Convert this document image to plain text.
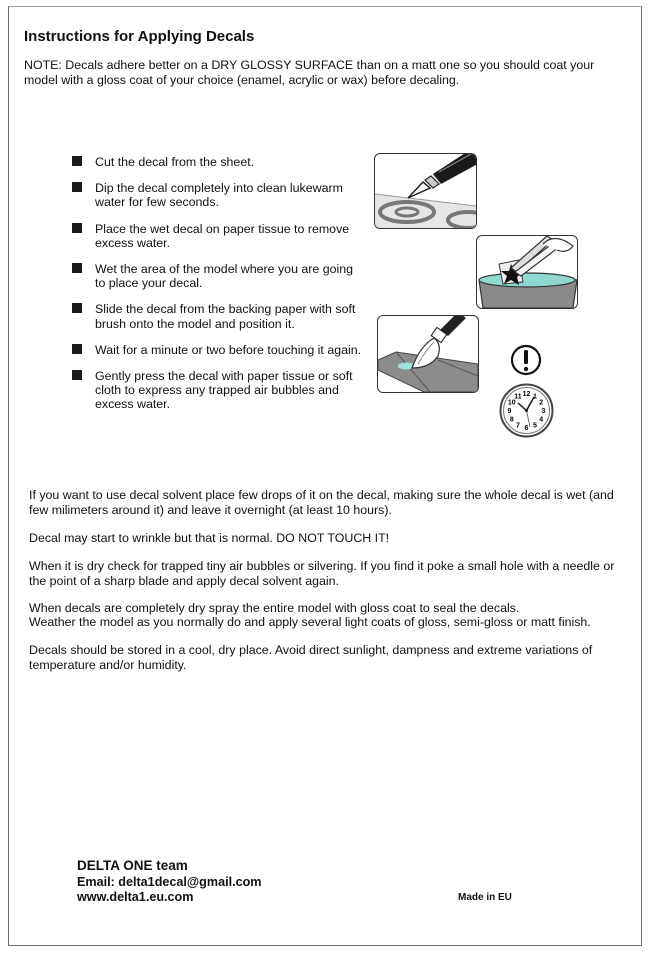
Instructions for Applying Decals
NOTE: Decals adhere better on a DRY GLOSSY SURFACE than on a matt one so you should coat your model with a gloss coat of your choice (enamel, acrylic or wax) before decaling.
Cut the decal from the sheet.
Dip the decal completely into clean lukewarm water for few seconds.
Place the wet decal on paper tissue to remove excess water.
Wet the area of the model where you are going to place your decal.
Slide the decal from the backing paper with soft brush onto the model and position it.
Wait for a minute or two before touching it again.
Gently press the decal with paper tissue or soft cloth to express any trapped air bubbles and excess water.
12 1
2
3
4
5
6
7
8
9
10
11
If you want to use decal solvent place few drops of it on the decal, making sure the whole decal is wet (and few milimeters around it) and leave it overnight (at least 10 hours).
Decal may start to wrinkle but that is normal. DO NOT TOUCH IT!
When it is dry check for trapped tiny air bubbles or silvering. If you find it poke a small hole with a needle or the point of a sharp blade and apply decal solvent again.
When decals are completely dry spray the entire model with gloss coat to seal the decals.
Weather the model as you normally do and apply several light coats of gloss, semi-gloss or matt finish.
Decals should be stored in a cool, dry place. Avoid direct sunlight, dampness and extreme variations of temperature and/or humidity.
DELTA ONE team
Email: delta1decal@gmail.com
www.delta1.eu.com	Made in EU
